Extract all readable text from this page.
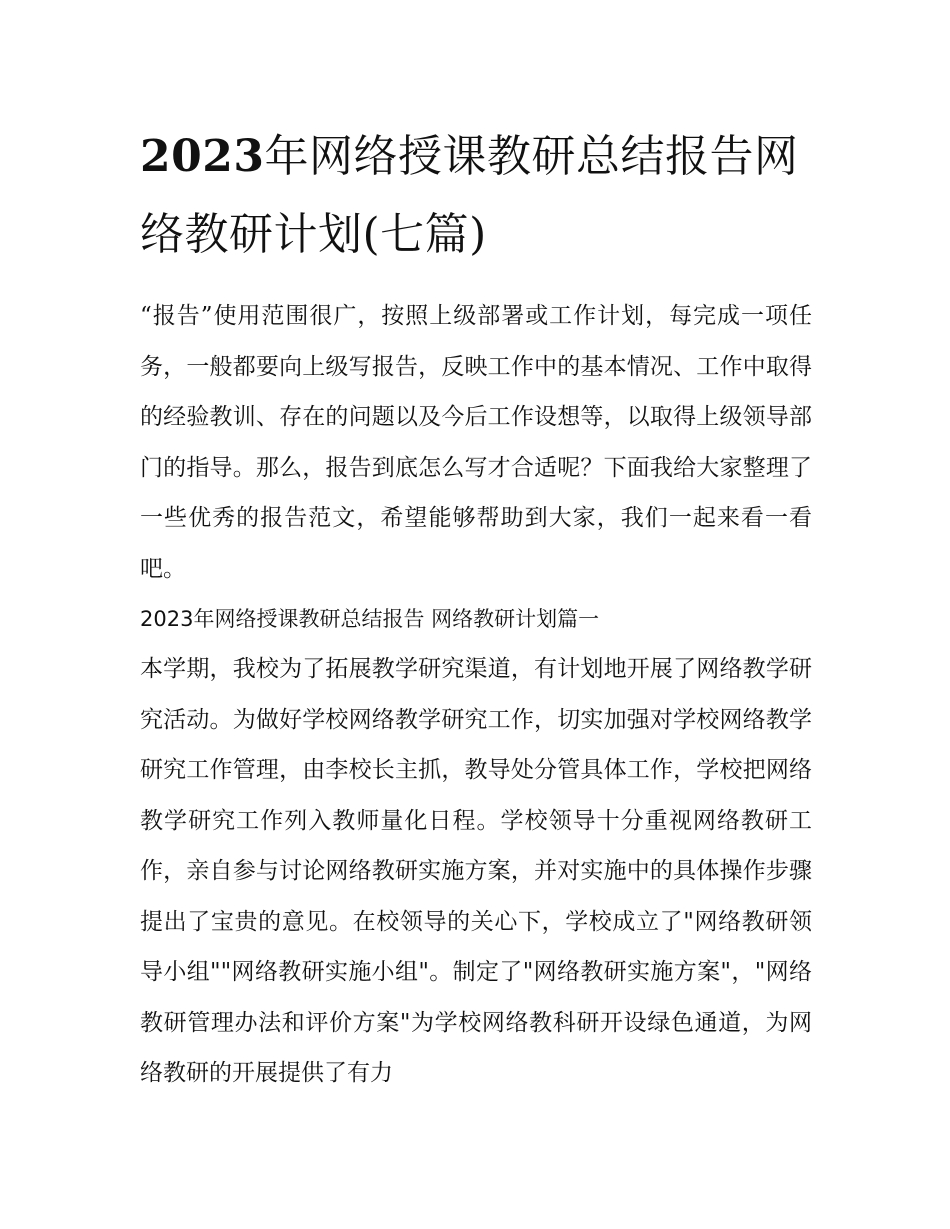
2023年网络授课教研总结报告网络教研计划(七篇)

“报告”使用范围很广，按照上级部署或工作计划，每完成一项任务，一般都要向上级写报告，反映工作中的基本情况、工作中取得的经验教训、存在的问题以及今后工作设想等，以取得上级领导部门的指导。那么，报告到底怎么写才合适呢？下面我给大家整理了一些优秀的报告范文，希望能够帮助到大家，我们一起来看一看吧。

2023年网络授课教研总结报告 网络教研计划篇一

本学期，我校为了拓展教学研究渠道，有计划地开展了网络教学研究活动。为做好学校网络教学研究工作，切实加强对学校网络教学研究工作管理，由李校长主抓，教导处分管具体工作，学校把网络教学研究工作列入教师量化日程。学校领导十分重视网络教研工作，亲自参与讨论网络教研实施方案，并对实施中的具体操作步骤提出了宝贵的意见。在校领导的关心下，学校成立了"网络教研领导小组""网络教研实施小组"。制定了"网络教研实施方案"，"网络教研管理办法和评价方案"为学校网络教科研开设绿色通道，为网络教研的开展提供了有力
